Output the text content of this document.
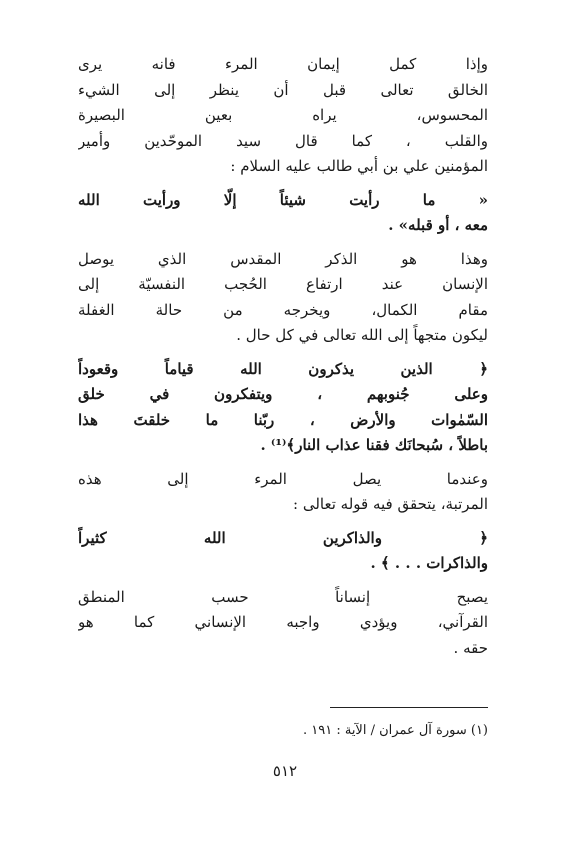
وإذا كمل إيمان المرء فانه يرى
الخالق تعالى قبل أن ينظر إلى الشيء
المحسوس، يراه بعين البصيرة
والقلب ، كما قال سيد الموحّدين وأمير
المؤمنين علي بن أبي طالب عليه السلام :
« ما رأيت شيئاً إلّا ورأيت الله
معه ، أو قبله» .
وهذا هو الذكر المقدس الذي يوصل
الإنسان عند ارتفاع الحُجب النفسيّة إلى
مقام الكمال، ويخرجه من حالة الغفلة
ليكون متجهاً إلى الله تعالى في كل حال .
﴿ الذين يذكرون الله قياماً وقعوداً
وعلى جُنوبهم ، ويتفكرون في خلق
السّمٰوات والأرض ، ربّنا ما خلقتَ هذا
باطلاً ، سُبحانَك فقنا عذاب النار﴾⁽¹⁾ .
وعندما يصل المرء إلى هذه
المرتبة، يتحقق فيه قوله تعالى :
﴿ والذاكرين الله كثيراً
والذاكرات . . . ﴾ .
يصبح إنساناً حسب المنطق
القرآني، ويؤدي واجبه الإنساني كما هو
حقه .
(١) سورة آل عمران / الآية : ١٩١ .
٥١٢
